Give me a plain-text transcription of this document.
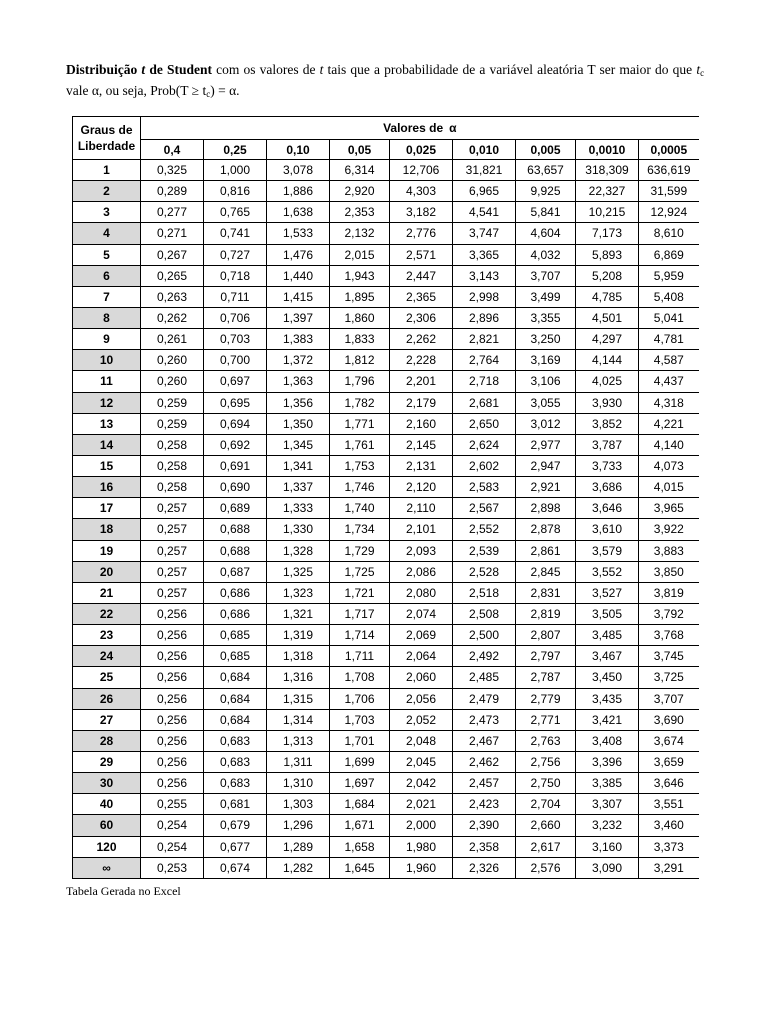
Distribuição t de Student com os valores de t tais que a probabilidade de a variável aleatória T ser maior do que $t_c$ vale α, ou seja, Prob(T ≥ $t_c) = \alpha$.
Graus de Liberdade	Valores de α								
	0,4	0,25	0,10	0,05	0,025	0,010	0,005	0,0010	0,0005
1	0,325	1,000	3,078	6,314	12,706	31,821	63,657	318,309	636,619
2	0,289	0,816	1,886	2,920	4,303	6,965	9,925	22,327	31,599
3	0,277	0,765	1,638	2,353	3,182	4,541	5,841	10,215	12,924
4	0,271	0,741	1,533	2,132	2,776	3,747	4,604	7,173	8,610
5	0,267	0,727	1,476	2,015	2,571	3,365	4,032	5,893	6,869
6	0,265	0,718	1,440	1,943	2,447	3,143	3,707	5,208	5,959
7	0,263	0,711	1,415	1,895	2,365	2,998	3,499	4,785	5,408
8	0,262	0,706	1,397	1,860	2,306	2,896	3,355	4,501	5,041
9	0,261	0,703	1,383	1,833	2,262	2,821	3,250	4,297	4,781
10	0,260	0,700	1,372	1,812	2,228	2,764	3,169	4,144	4,587
11	0,260	0,697	1,363	1,796	2,201	2,718	3,106	4,025	4,437
12	0,259	0,695	1,356	1,782	2,179	2,681	3,055	3,930	4,318
13	0,259	0,694	1,350	1,771	2,160	2,650	3,012	3,852	4,221
14	0,258	0,692	1,345	1,761	2,145	2,624	2,977	3,787	4,140
15	0,258	0,691	1,341	1,753	2,131	2,602	2,947	3,733	4,073
16	0,258	0,690	1,337	1,746	2,120	2,583	2,921	3,686	4,015
17	0,257	0,689	1,333	1,740	2,110	2,567	2,898	3,646	3,965
18	0,257	0,688	1,330	1,734	2,101	2,552	2,878	3,610	3,922
19	0,257	0,688	1,328	1,729	2,093	2,539	2,861	3,579	3,883
20	0,257	0,687	1,325	1,725	2,086	2,528	2,845	3,552	3,850
21	0,257	0,686	1,323	1,721	2,080	2,518	2,831	3,527	3,819
22	0,256	0,686	1,321	1,717	2,074	2,508	2,819	3,505	3,792
23	0,256	0,685	1,319	1,714	2,069	2,500	2,807	3,485	3,768
24	0,256	0,685	1,318	1,711	2,064	2,492	2,797	3,467	3,745
25	0,256	0,684	1,316	1,708	2,060	2,485	2,787	3,450	3,725
26	0,256	0,684	1,315	1,706	2,056	2,479	2,779	3,435	3,707
27	0,256	0,684	1,314	1,703	2,052	2,473	2,771	3,421	3,690
28	0,256	0,683	1,313	1,701	2,048	2,467	2,763	3,408	3,674
29	0,256	0,683	1,311	1,699	2,045	2,462	2,756	3,396	3,659
30	0,256	0,683	1,310	1,697	2,042	2,457	2,750	3,385	3,646
40	0,255	0,681	1,303	1,684	2,021	2,423	2,704	3,307	3,551
60	0,254	0,679	1,296	1,671	2,000	2,390	2,660	3,232	3,460
120	0,254	0,677	1,289	1,658	1,980	2,358	2,617	3,160	3,373
∞	0,253	0,674	1,282	1,645	1,960	2,326	2,576	3,090	3,291
Tabela Gerada no Excel
